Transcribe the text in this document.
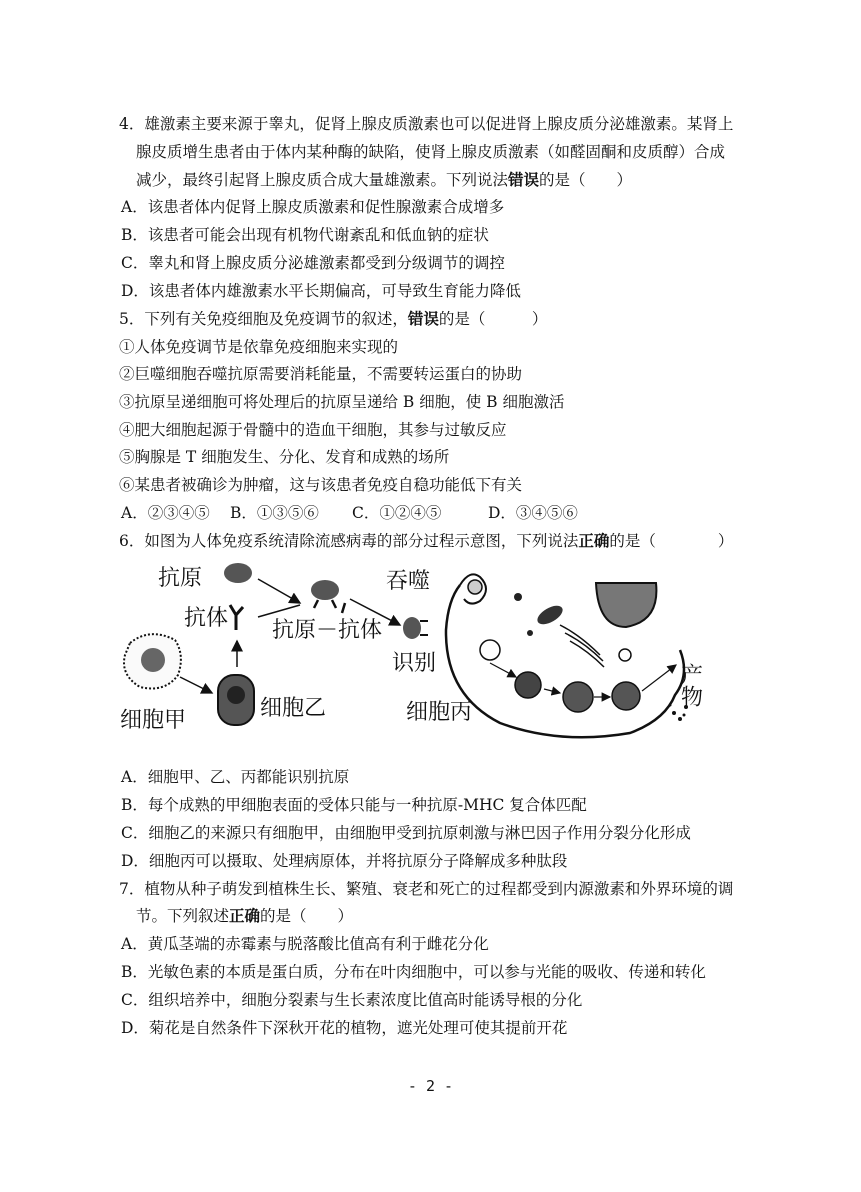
4．雄激素主要来源于睾丸，促肾上腺皮质激素也可以促进肾上腺皮质分泌雄激素。某肾上
腺皮质增生患者由于体内某种酶的缺陷，使肾上腺皮质激素（如醛固酮和皮质醇）合成
减少，最终引起肾上腺皮质合成大量雄激素。下列说法错误的是（　　）
A．该患者体内促肾上腺皮质激素和促性腺激素合成增多
B．该患者可能会出现有机物代谢紊乱和低血钠的症状
C．睾丸和肾上腺皮质分泌雄激素都受到分级调节的调控
D．该患者体内雄激素水平长期偏高，可导致生育能力降低
5．下列有关免疫细胞及免疫调节的叙述，错误的是（　　　）
①人体免疫调节是依靠免疫细胞来实现的
②巨噬细胞吞噬抗原需要消耗能量，不需要转运蛋白的协助
③抗原呈递细胞可将处理后的抗原呈递给 B 细胞，使 B 细胞激活
④肥大细胞起源于骨髓中的造血干细胞，其参与过敏反应
⑤胸腺是 T 细胞发生、分化、发育和成熟的场所
⑥某患者被确诊为肿瘤，这与该患者免疫自稳功能低下有关
A．②③④⑤ B．①③⑤⑥ C．①②④⑤	D．③④⑤⑥
6．如图为人体免疫系统清除流感病毒的部分过程示意图，下列说法正确的是（　　　　）
抗原
抗体 抗原－抗体
细胞甲	细胞乙
吞噬
识别
细胞丙
产物
A．细胞甲、乙、丙都能识别抗原
B．每个成熟的甲细胞表面的受体只能与一种抗原-MHC 复合体匹配
C．细胞乙的来源只有细胞甲，由细胞甲受到抗原刺激与淋巴因子作用分裂分化形成
D．细胞丙可以摄取、处理病原体，并将抗原分子降解成多种肽段
7．植物从种子萌发到植株生长、繁殖、衰老和死亡的过程都受到内源激素和外界环境的调
节。下列叙述正确的是（　　）
A．黄瓜茎端的赤霉素与脱落酸比值高有利于雌花分化
B．光敏色素的本质是蛋白质，分布在叶肉细胞中，可以参与光能的吸收、传递和转化
C．组织培养中，细胞分裂素与生长素浓度比值高时能诱导根的分化
D．菊花是自然条件下深秋开花的植物，遮光处理可使其提前开花
- 2 -
